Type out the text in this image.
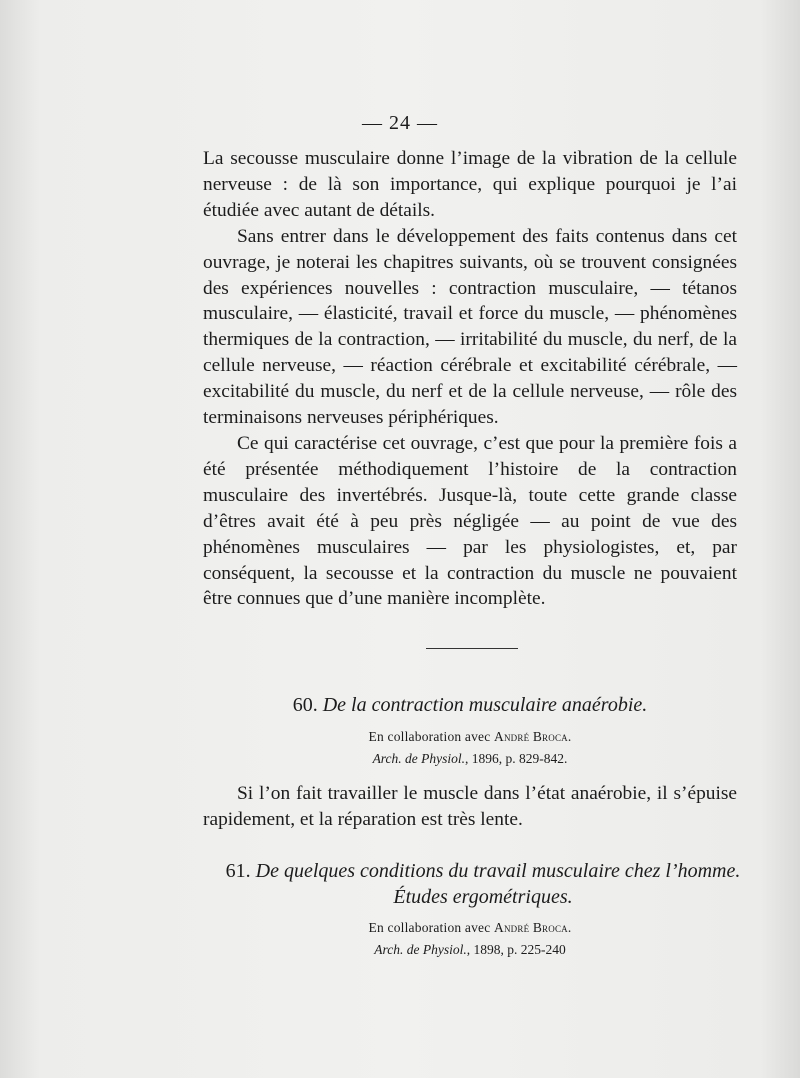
— 24 —

La secousse musculaire donne l’image de la vibration de la cellule nerveuse : de là son importance, qui explique pourquoi je l’ai étudiée avec autant de détails.

Sans entrer dans le développement des faits contenus dans cet ouvrage, je noterai les chapitres suivants, où se trouvent consignées des expériences nouvelles : contraction musculaire, — tétanos musculaire, — élasticité, travail et force du muscle, — phénomènes thermiques de la contraction, — irritabilité du muscle, du nerf, de la cellule nerveuse, — réaction cérébrale et excitabilité cérébrale, — excitabilité du muscle, du nerf et de la cellule nerveuse, — rôle des terminaisons nerveuses périphériques.

Ce qui caractérise cet ouvrage, c’est que pour la première fois a été présentée méthodiquement l’histoire de la contraction musculaire des invertébrés. Jusque-là, toute cette grande classe d’êtres avait été à peu près négligée — au point de vue des phénomènes musculaires — par les physiologistes, et, par conséquent, la secousse et la contraction du muscle ne pouvaient être connues que d’une manière incomplète.

60. De la contraction musculaire anaérobie.
En collaboration avec André Broca.
Arch. de Physiol., 1896, p. 829-842.

Si l’on fait travailler le muscle dans l’état anaérobie, il s’épuise rapidement, et la réparation est très lente.

61. De quelques conditions du travail musculaire chez l’homme.
Études ergométriques.
En collaboration avec André Broca.
Arch. de Physiol., 1898, p. 225-240
